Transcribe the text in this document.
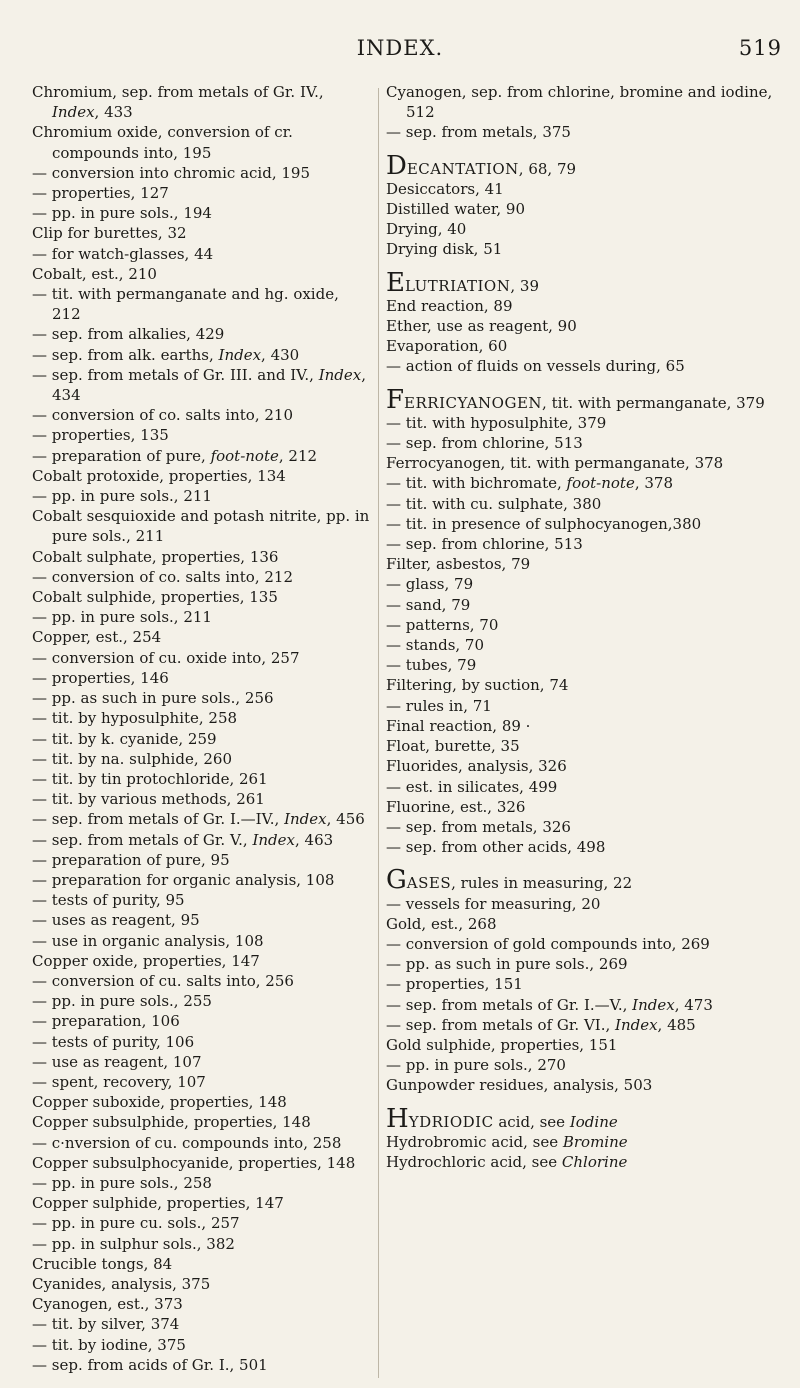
INDEX.	519

Chromium, sep. from metals of Gr. IV., Index, 433

Chromium oxide, conversion of cr. compounds into, 195

— conversion into chromic acid, 195

— properties, 127

— pp. in pure sols., 194

Clip for burettes, 32

— for watch-glasses, 44

Cobalt, est., 210

— tit. with permanganate and hg. oxide, 212

— sep. from alkalies, 429

— sep. from alk. earths, Index, 430

— sep. from metals of Gr. III. and IV., Index, 434

— conversion of co. salts into, 210

— properties, 135

— preparation of pure, foot-note, 212

Cobalt protoxide, properties, 134

— pp. in pure sols., 211

Cobalt sesquioxide and potash nitrite, pp. in pure sols., 211

Cobalt sulphate, properties, 136

— conversion of co. salts into, 212

Cobalt sulphide, properties, 135

— pp. in pure sols., 211

Copper, est., 254

— conversion of cu. oxide into, 257

— properties, 146

— pp. as such in pure sols., 256

— tit. by hyposulphite, 258

— tit. by k. cyanide, 259

— tit. by na. sulphide, 260

— tit. by tin protochloride, 261

— tit. by various methods, 261

— sep. from metals of Gr. I.—IV., Index, 456

— sep. from metals of Gr. V., Index, 463

— preparation of pure, 95

— preparation for organic analysis, 108

— tests of purity, 95

— uses as reagent, 95

— use in organic analysis, 108

Copper oxide, properties, 147

— conversion of cu. salts into, 256

— pp. in pure sols., 255

— preparation, 106

— tests of purity, 106

— use as reagent, 107

— spent, recovery, 107

Copper suboxide, properties, 148

Copper subsulphide, properties, 148

— c·nversion of cu. compounds into, 258

Copper subsulphocyanide, properties, 148

— pp. in pure sols., 258

Copper sulphide, properties, 147

— pp. in pure cu. sols., 257

— pp. in sulphur sols., 382

Crucible tongs, 84

Cyanides, analysis, 375

Cyanogen, est., 373

— tit. by silver, 374

— tit. by iodine, 375

— sep. from acids of Gr. I., 501

Cyanogen, sep. from chlorine, bromine and iodine, 512

— sep. from metals, 375

DECANTATION, 68, 79

Desiccators, 41

Distilled water, 90

Drying, 40

Drying disk, 51

ELUTRIATION, 39

End reaction, 89

Ether, use as reagent, 90

Evaporation, 60

— action of fluids on vessels during, 65

FERRICYANOGEN, tit. with permanganate, 379

— tit. with hyposulphite, 379

— sep. from chlorine, 513

Ferrocyanogen, tit. with permanganate, 378

— tit. with bichromate, foot-note, 378

— tit. with cu. sulphate, 380

— tit. in presence of sulphocyanogen,380

— sep. from chlorine, 513

Filter, asbestos, 79

— glass, 79

— sand, 79

— patterns, 70

— stands, 70

— tubes, 79

Filtering, by suction, 74

— rules in, 71

Final reaction, 89 ·

Float, burette, 35

Fluorides, analysis, 326

— est. in silicates, 499

Fluorine, est., 326

— sep. from metals, 326

— sep. from other acids, 498

GASES, rules in measuring, 22

— vessels for measuring, 20

Gold, est., 268

— conversion of gold compounds into, 269

— pp. as such in pure sols., 269

— properties, 151

— sep. from metals of Gr. I.—V., Index, 473

— sep. from metals of Gr. VI., Index, 485

Gold sulphide, properties, 151

— pp. in pure sols., 270

Gunpowder residues, analysis, 503

HYDRIODIC acid, see Iodine

Hydrobromic acid, see Bromine

Hydrochloric acid, see Chlorine
